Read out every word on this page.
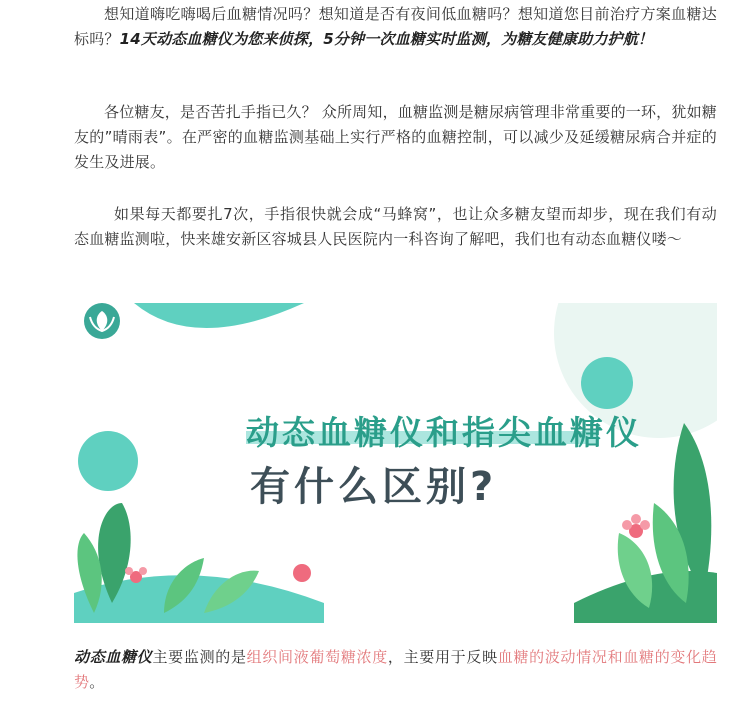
想知道嗨吃嗨喝后血糖情况吗？想知道是否有夜间低血糖吗？想知道您目前治疗方案血糖达标吗？14天动态血糖仪为您来侦探，5分钟一次血糖实时监测，为糖友健康助力护航！

各位糖友，是否苦扎手指已久？ 众所周知，血糖监测是糖尿病管理非常重要的一环，犹如糖友的”晴雨表”。在严密的血糖监测基础上实行严格的血糖控制，可以减少及延缓糖尿病合并症的发生及进展。

如果每天都要扎7次，手指很快就会成“马蜂窝”，也让众多糖友望而却步，现在我们有动态血糖监测啦，快来雄安新区容城县人民医院内一科咨询了解吧，我们也有动态血糖仪喽～

动态血糖仪主要监测的是组织间液葡萄糖浓度，主要用于反映血糖的波动情况和血糖的变化趋势。

动态血糖仪和指尖血糖仪
有什么区别?
